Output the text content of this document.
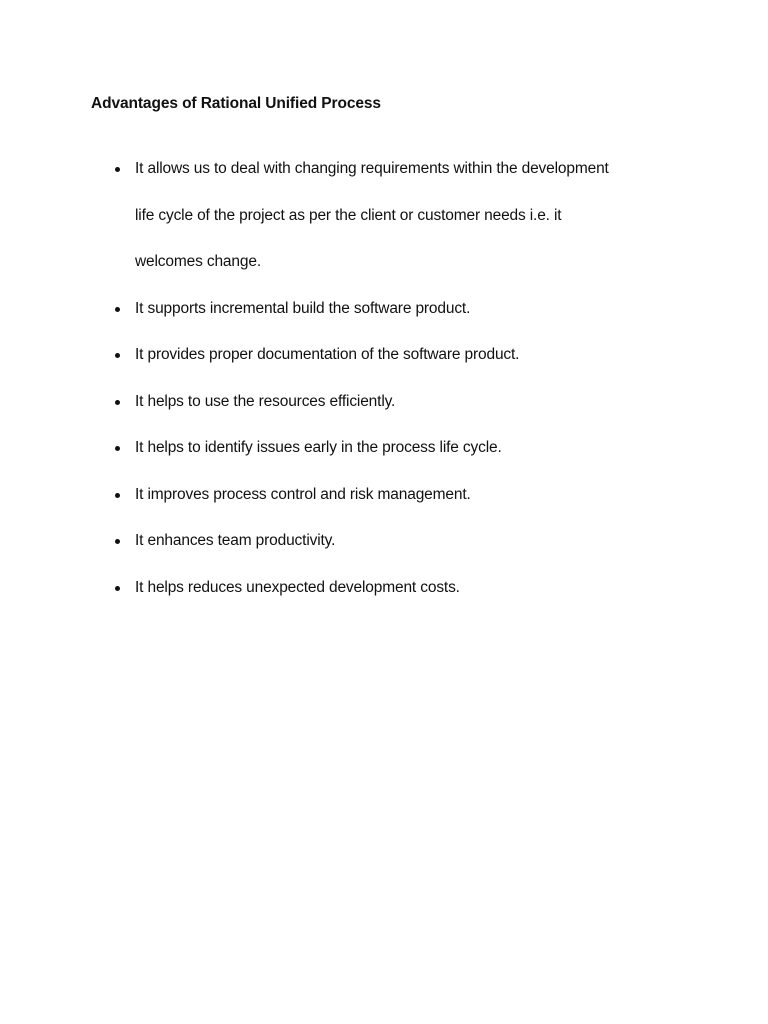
Advantages of Rational Unified Process
It allows us to deal with changing requirements within the development
life cycle of the project as per the client or customer needs i.e. it
welcomes change.
It supports incremental build the software product.
It provides proper documentation of the software product.
It helps to use the resources efficiently.
It helps to identify issues early in the process life cycle.
It improves process control and risk management.
It enhances team productivity.
It helps reduces unexpected development costs.
